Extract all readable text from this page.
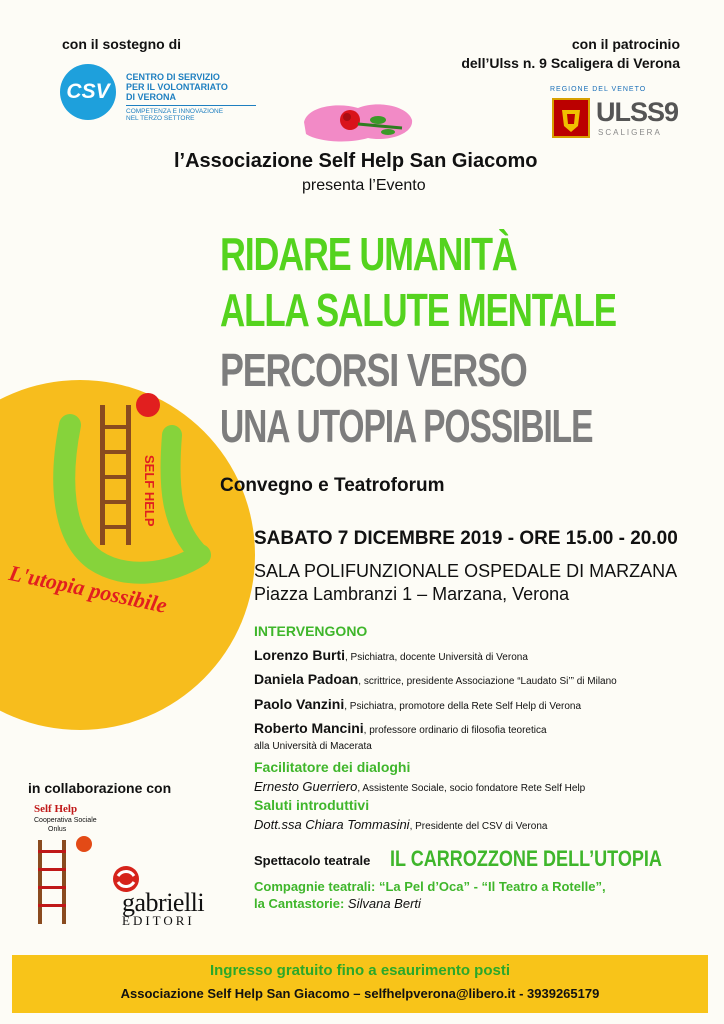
con il sostegno di	con il patrocinio
dell’Ulss n. 9 Scaligera di Verona
CSV
CENTRO DI SERVIZIO
PER IL VOLONTARIATO
DI VERONA
COMPETENZA E INNOVAZIONE
NEL TERZO SETTORE
REGIONE DEL VENETO
ULSS9
SCALIGERA
l’Associazione Self Help San Giacomo
presenta l’Evento
RIDARE UMANITÀ
ALLA SALUTE MENTALE
PERCORSI VERSO
UNA UTOPIA POSSIBILE
Convegno e Teatroforum
SELF HELP
L'utopia possibile
SABATO 7 DICEMBRE 2019 - ORE 15.00 - 20.00
SALA POLIFUNZIONALE OSPEDALE DI MARZANA
Piazza Lambranzi 1 – Marzana, Verona
INTERVENGONO
Lorenzo Burti, Psichiatra, docente Università di Verona
Daniela Padoan, scrittrice, presidente Associazione “Laudato Si’” di Milano
Paolo Vanzini, Psichiatra, promotore della Rete Self Help di Verona
Roberto Mancini, professore ordinario di filosofia teoretica
alla Università di Macerata
Facilitatore dei dialoghi
Ernesto Guerriero, Assistente Sociale, socio fondatore Rete Self Help
Saluti introduttivi
Dott.ssa Chiara Tommasini, Presidente del CSV di Verona
Spettacolo teatrale IL CARROZZONE DELL’UTOPIA
Compagnie teatrali: “La Pel d’Oca” - “Il Teatro a Rotelle”,
la Cantastorie: Silvana Berti
in collaborazione con
Self Help
Cooperativa Sociale
Onlus
gabrielli
EDITORI
Ingresso gratuito fino a esaurimento posti
Associazione Self Help San Giacomo – selfhelpverona@libero.it - 3939265179
